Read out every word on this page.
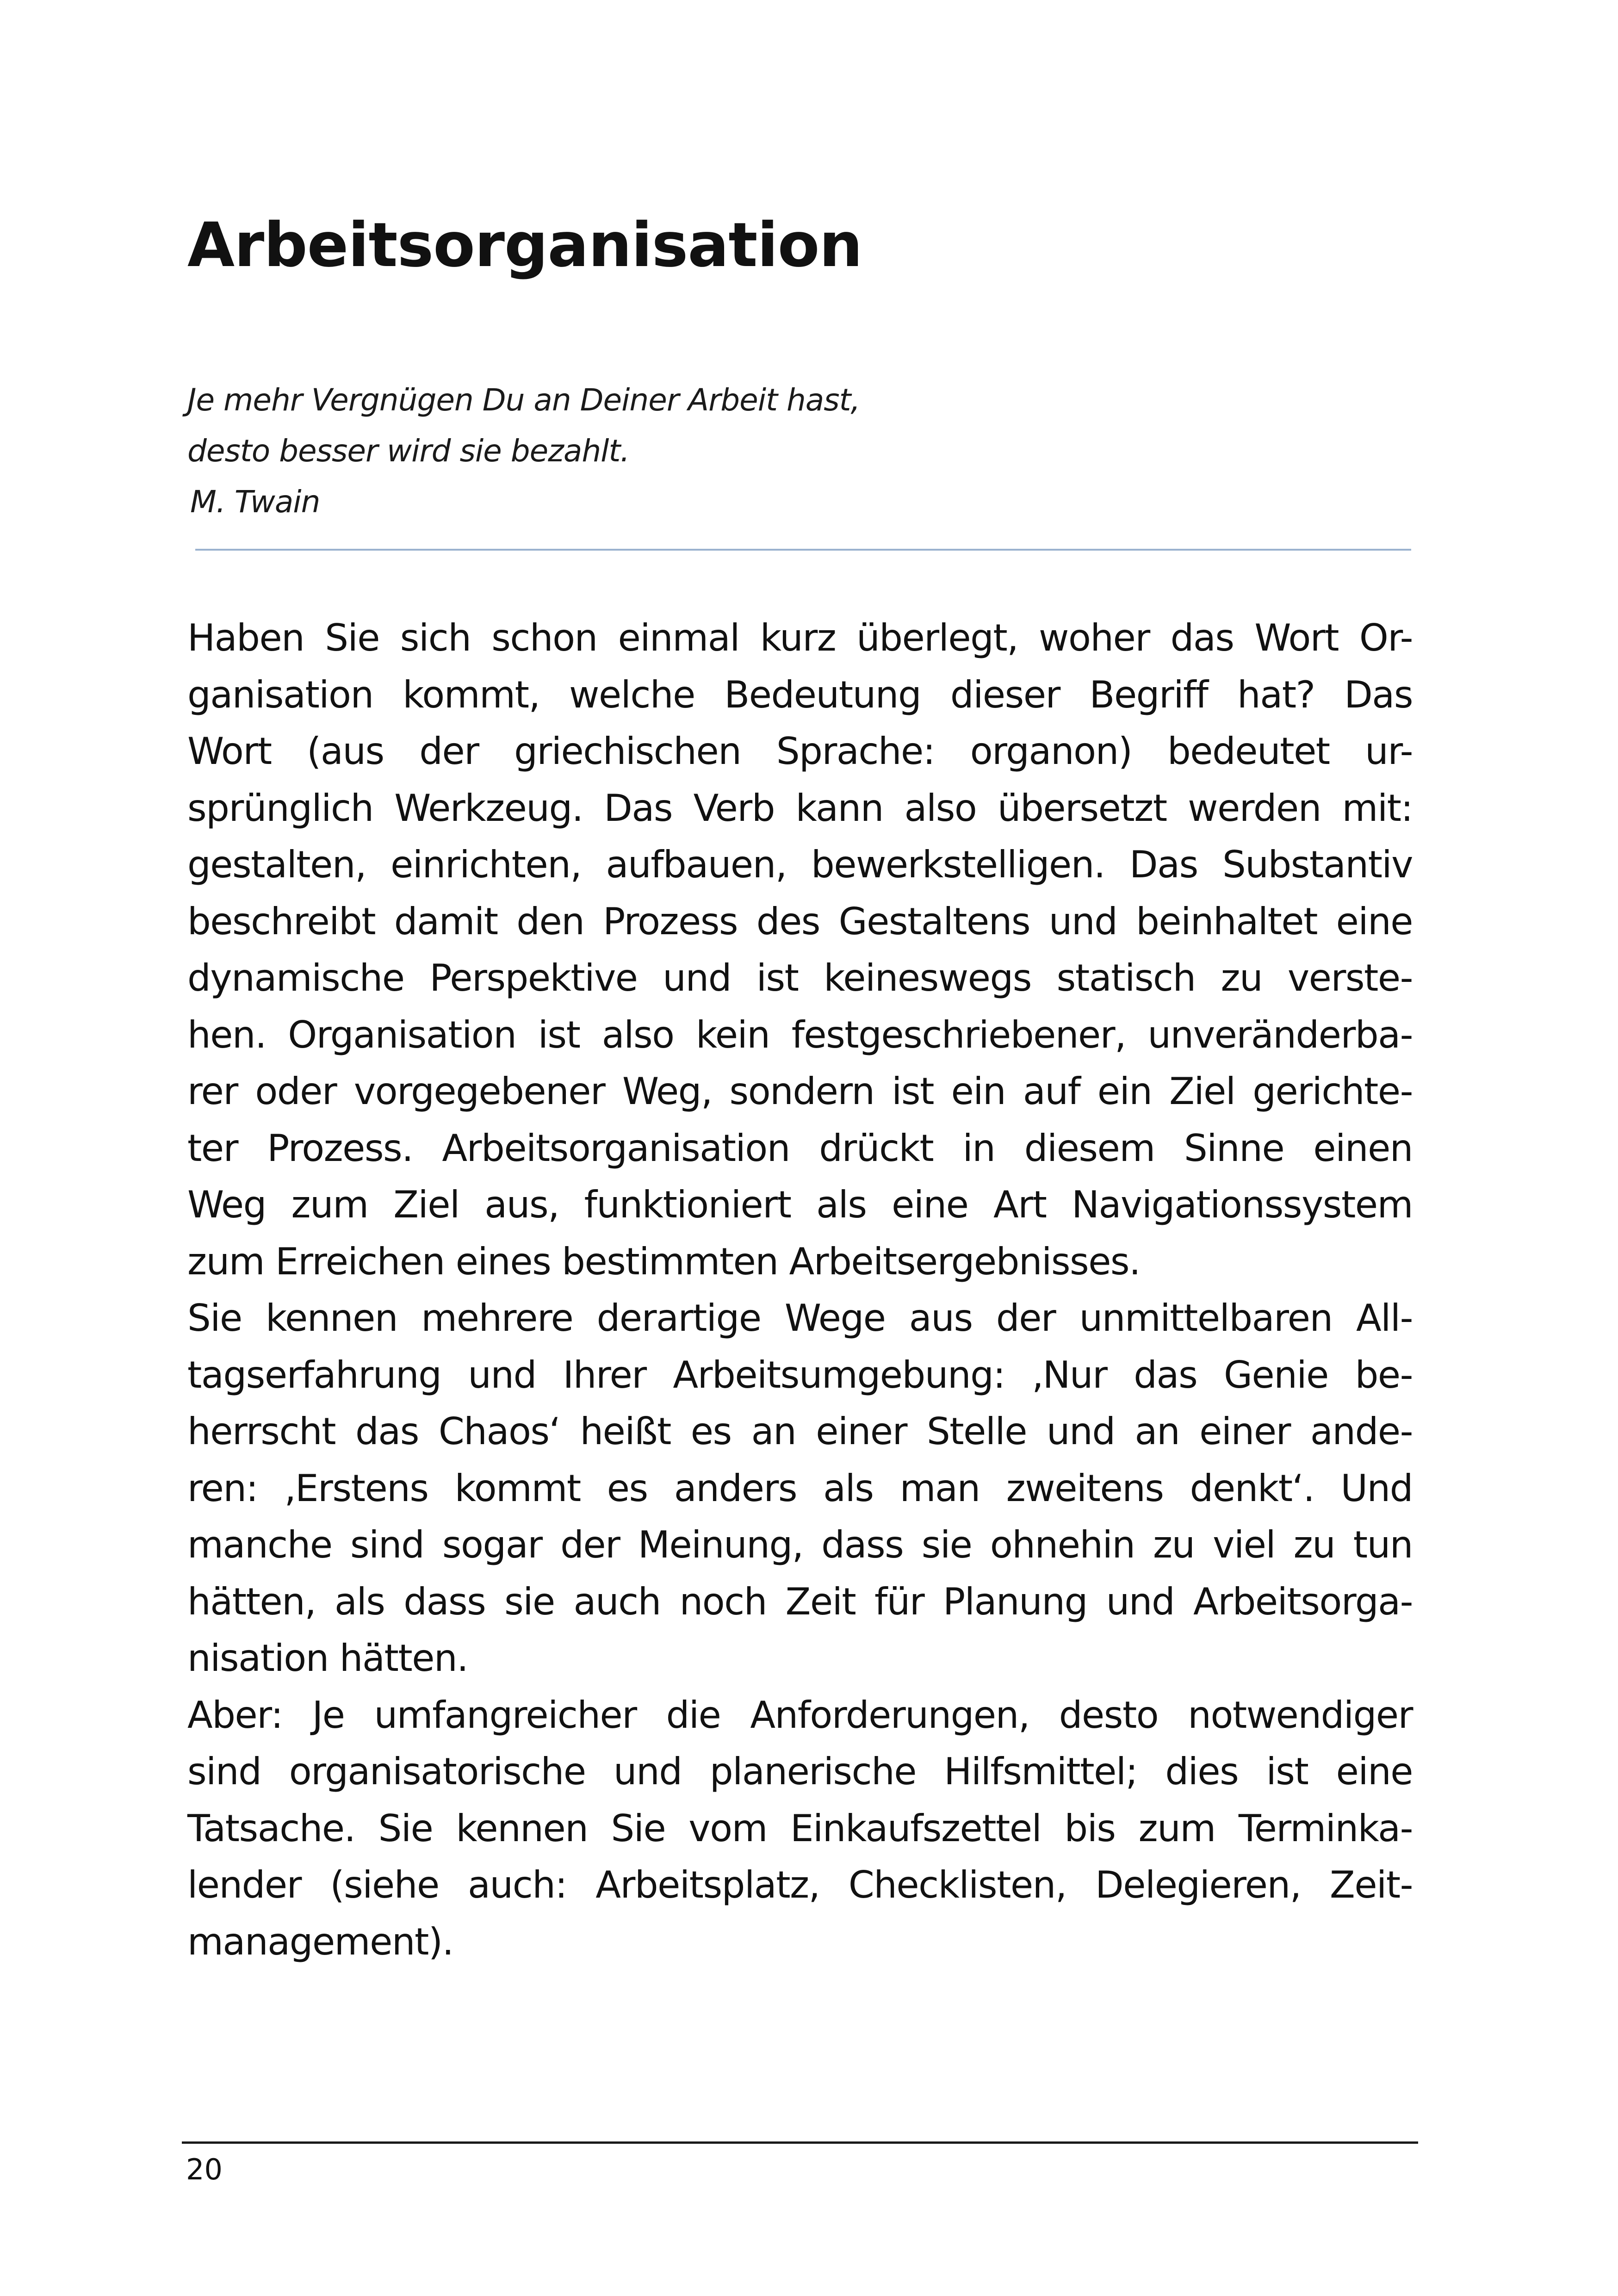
Arbeitsorganisation
Je mehr Vergnügen Du an Deiner Arbeit hast,
desto besser wird sie bezahlt.
M. Twain
Haben Sie sich schon einmal kurz überlegt, woher das Wort Or-
ganisation kommt, welche Bedeutung dieser Begriff hat? Das
Wort (aus der griechischen Sprache: organon) bedeutet ur-
sprünglich Werkzeug. Das Verb kann also übersetzt werden mit:
gestalten, einrichten, aufbauen, bewerkstelligen. Das Substantiv
beschreibt damit den Prozess des Gestaltens und beinhaltet eine
dynamische Perspektive und ist keineswegs statisch zu verste-
hen. Organisation ist also kein festgeschriebener, unveränderba-
rer oder vorgegebener Weg, sondern ist ein auf ein Ziel gerichte-
ter Prozess. Arbeitsorganisation drückt in diesem Sinne einen
Weg zum Ziel aus, funktioniert als eine Art Navigationssystem
zum Erreichen eines bestimmten Arbeitsergebnisses.
Sie kennen mehrere derartige Wege aus der unmittelbaren All-
tagserfahrung und Ihrer Arbeitsumgebung: ‚Nur das Genie be-
herrscht das Chaos‘ heißt es an einer Stelle und an einer ande-
ren: ‚Erstens kommt es anders als man zweitens denkt‘. Und
manche sind sogar der Meinung, dass sie ohnehin zu viel zu tun
hätten, als dass sie auch noch Zeit für Planung und Arbeitsorga-
nisation hätten.
Aber: Je umfangreicher die Anforderungen, desto notwendiger
sind organisatorische und planerische Hilfsmittel; dies ist eine
Tatsache. Sie kennen Sie vom Einkaufszettel bis zum Terminka-
lender (siehe auch: Arbeitsplatz, Checklisten, Delegieren, Zeit-
management).
20
